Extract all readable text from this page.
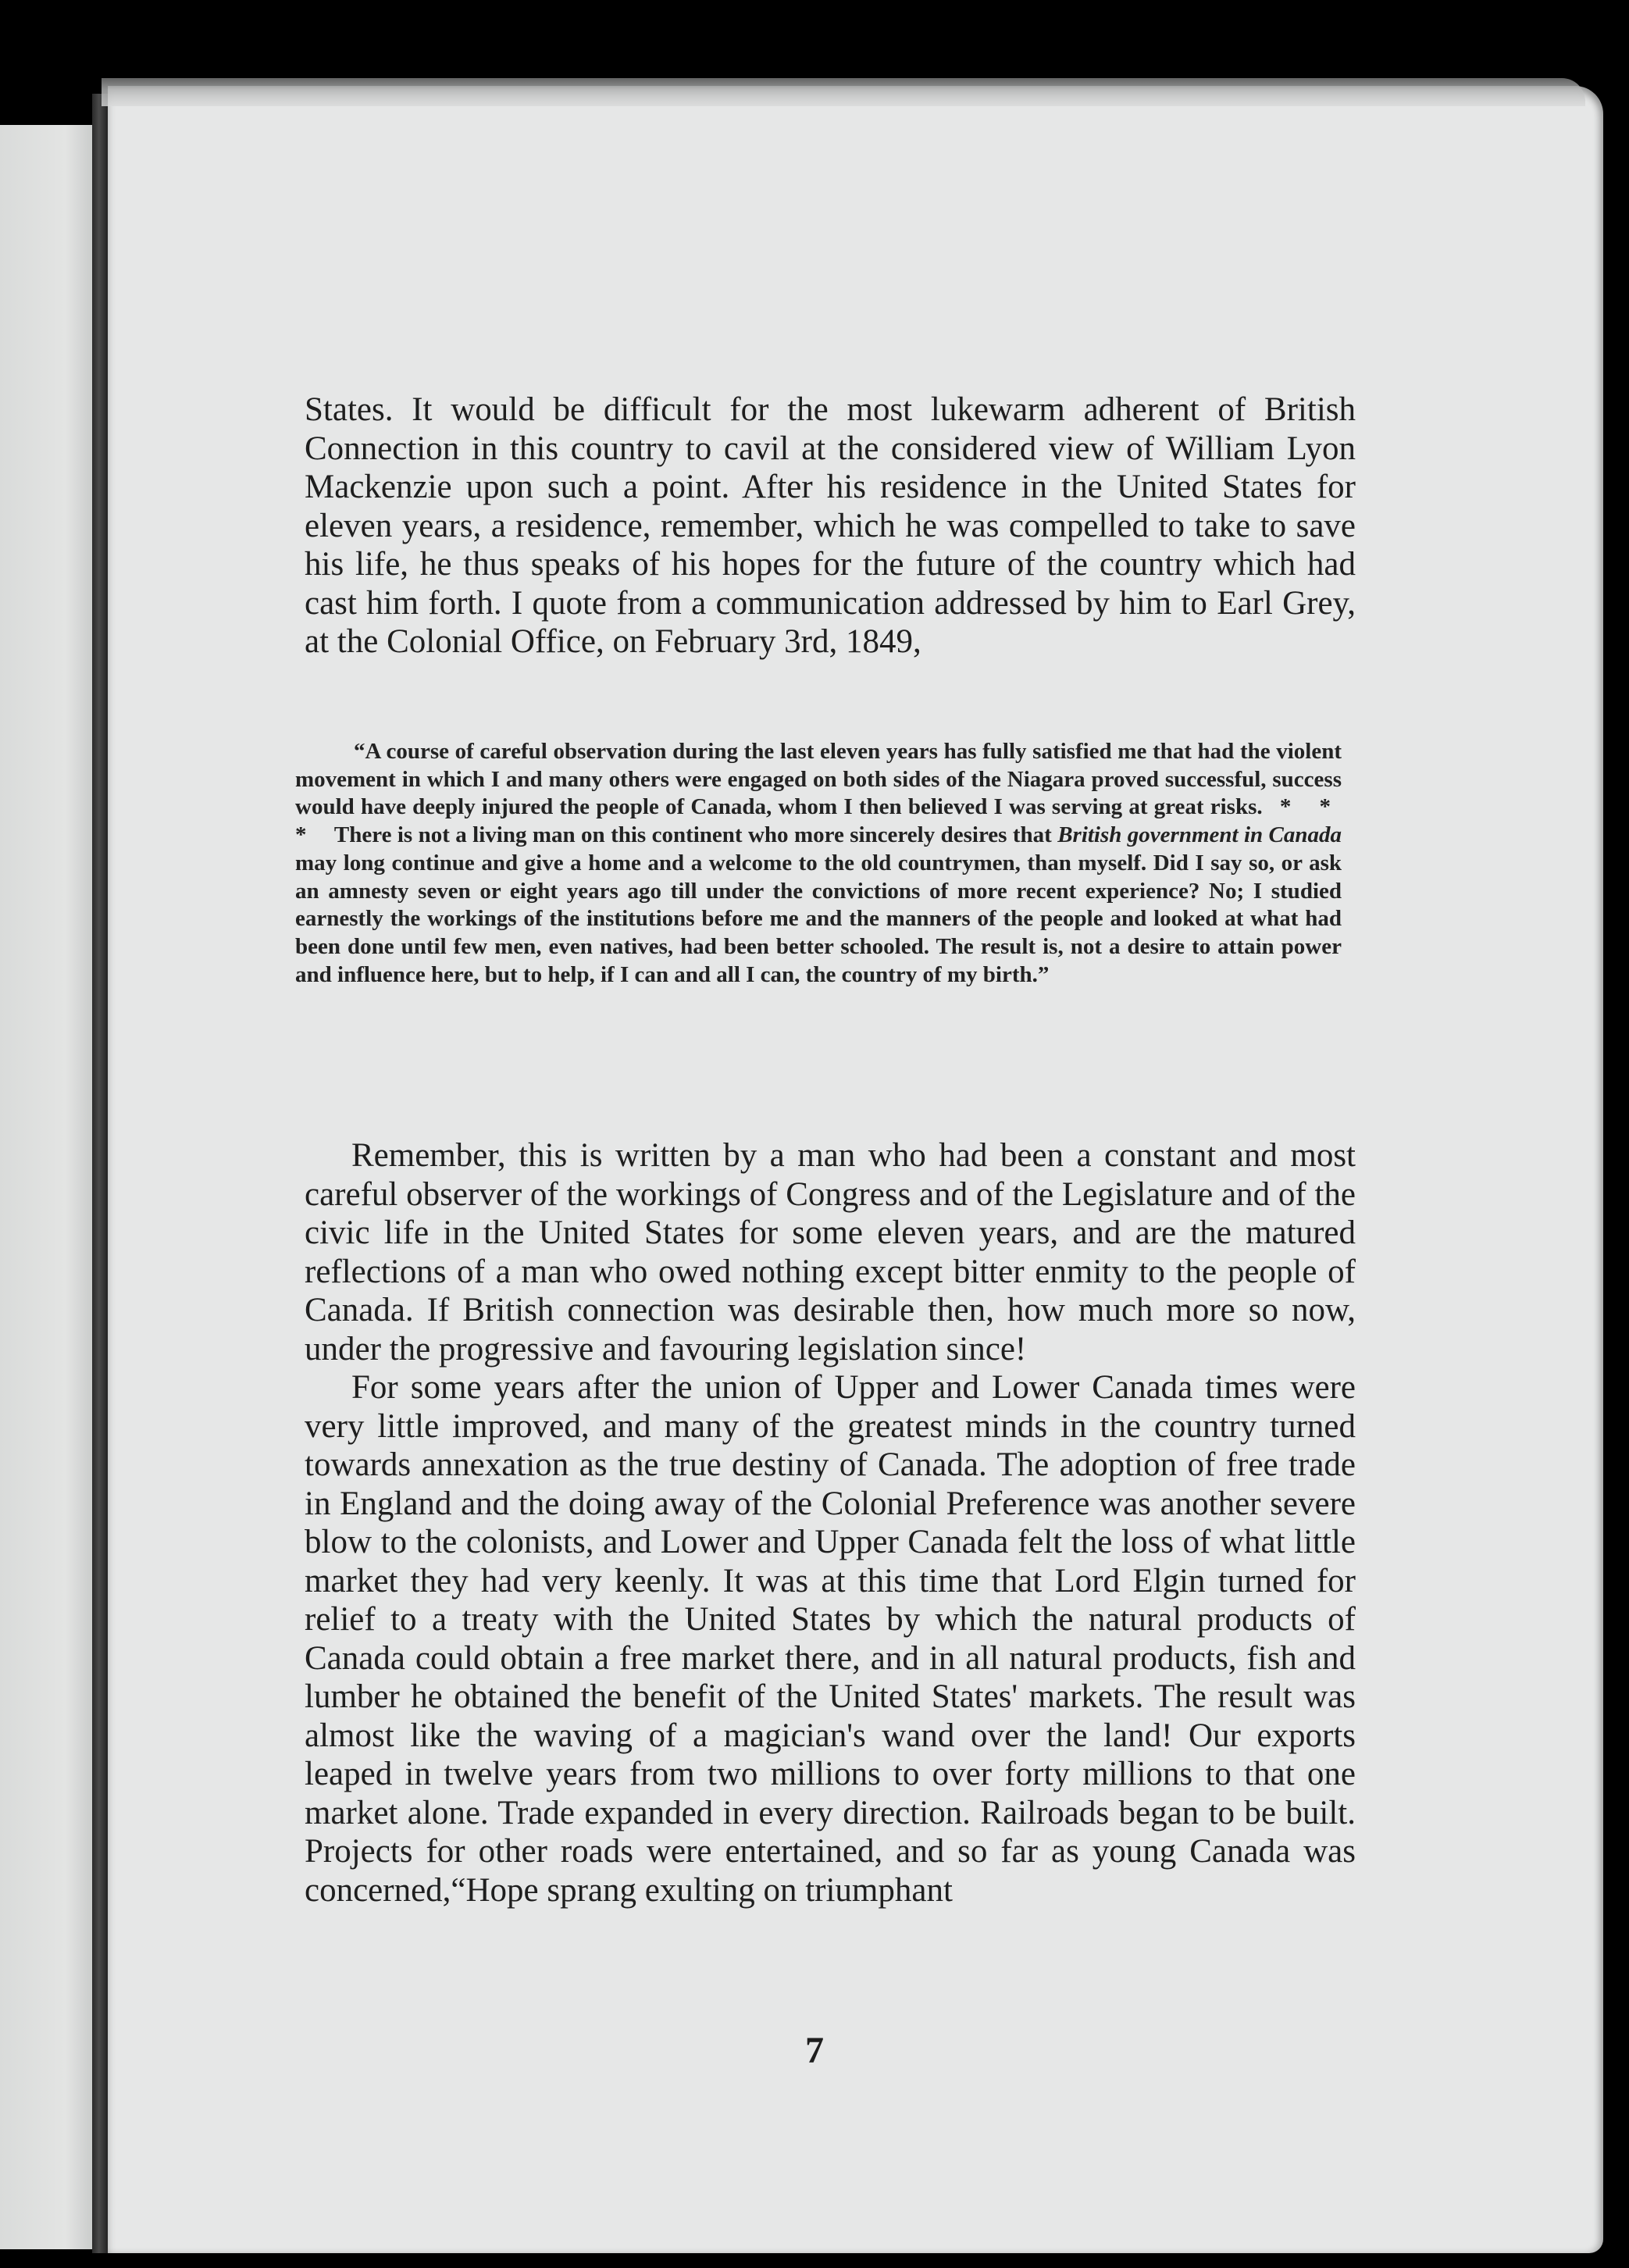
States. It would be difficult for the most lukewarm adherent of British Connection in this country to cavil at the considered view of William Lyon Mackenzie upon such a point. After his residence in the United States for eleven years, a residence, remember, which he was compelled to take to save his life, he thus speaks of his hopes for the future of the country which had cast him forth. I quote from a communication addressed by him to Earl Grey, at the Colonial Office, on February 3rd, 1849,

“A course of careful observation during the last eleven years has fully satisfied me that had the violent movement in which I and many others were engaged on both sides of the Niagara proved successful, success would have deeply injured the people of Canada, whom I then believed I was serving at great risks. * * * There is not a living man on this continent who more sincerely desires that British government in Canada may long continue and give a home and a welcome to the old countrymen, than myself. Did I say so, or ask an amnesty seven or eight years ago till under the convictions of more recent experience? No; I studied earnestly the workings of the institutions before me and the manners of the people and looked at what had been done until few men, even natives, had been better schooled. The result is, not a desire to attain power and influence here, but to help, if I can and all I can, the country of my birth.”

Remember, this is written by a man who had been a constant and most careful observer of the workings of Congress and of the Legislature and of the civic life in the United States for some eleven years, and are the matured reflections of a man who owed nothing except bitter enmity to the people of Canada. If British connection was desirable then, how much more so now, under the progressive and favouring legislation since!

For some years after the union of Upper and Lower Canada times were very little improved, and many of the greatest minds in the country turned towards annexation as the true destiny of Canada. The adoption of free trade in England and the doing away of the Colonial Preference was another severe blow to the colonists, and Lower and Upper Canada felt the loss of what little market they had very keenly. It was at this time that Lord Elgin turned for relief to a treaty with the United States by which the natural products of Canada could obtain a free market there, and in all natural products, fish and lumber he obtained the benefit of the United States' markets. The result was almost like the waving of a magician's wand over the land! Our exports leaped in twelve years from two millions to over forty millions to that one market alone. Trade expanded in every direction. Railroads began to be built. Projects for other roads were entertained, and so far as young Canada was concerned,“Hope sprang exulting on triumphant

7
